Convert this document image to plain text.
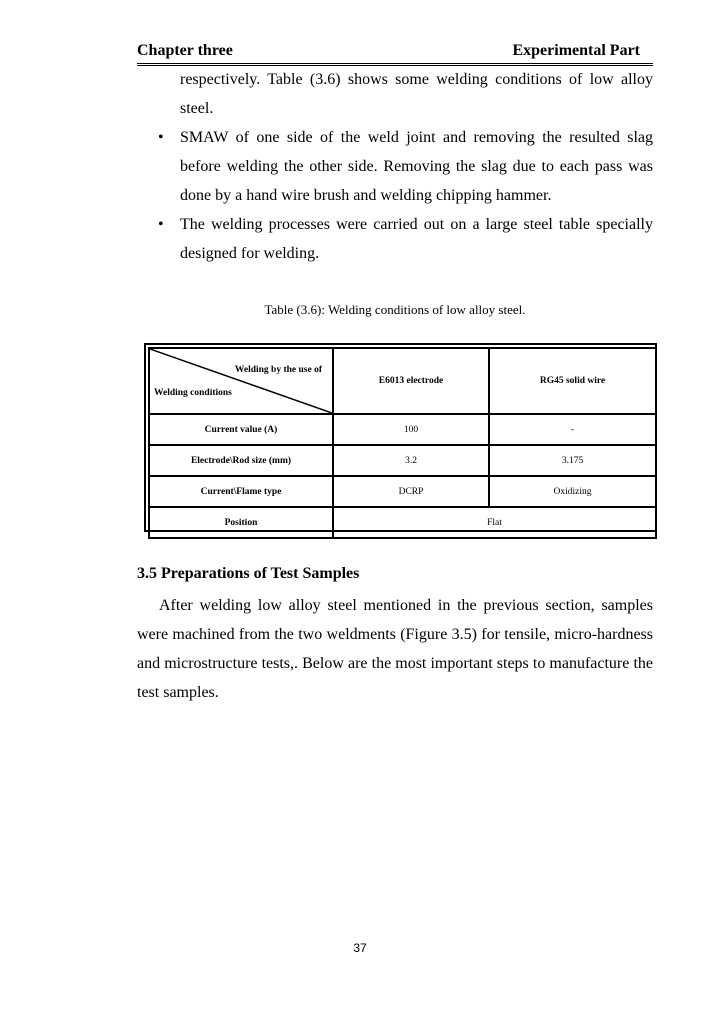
Chapter three	Experimental Part
respectively. Table (3.6) shows some welding conditions of low alloy steel.
• SMAW of one side of the weld joint and removing the resulted slag before welding the other side. Removing the slag due to each pass was done by a hand wire brush and welding chipping hammer.
• The welding processes were carried out on a large steel table specially designed for welding.
Table (3.6): Welding conditions of low alloy steel.
Welding by the use of
Welding conditions	E6013 electrode	RG45 solid wire
Current value (A)	100	-
Electrode\Rod size (mm)	3.2	3.175
Current\Flame type	DCRP	Oxidizing
Position	Flat	
3.5 Preparations of Test Samples
After welding low alloy steel mentioned in the previous section, samples were machined from the two weldments (Figure 3.5) for tensile, micro-hardness and microstructure tests,. Below are the most important steps to manufacture the test samples.
37
